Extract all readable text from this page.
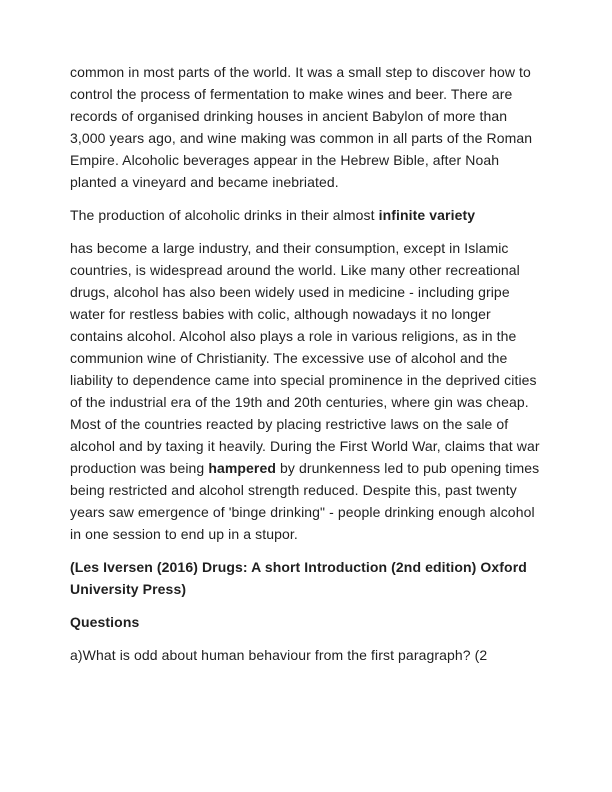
common in most parts of the world. It was a small step to discover how to control the process of fermentation to make wines and beer. There are records of organised drinking houses in ancient Babylon of more than 3,000 years ago, and wine making was common in all parts of the Roman Empire. Alcoholic beverages appear in the Hebrew Bible, after Noah planted a vineyard and became inebriated.

The production of alcoholic drinks in their almost infinite variety

has become a large industry, and their consumption, except in Islamic countries, is widespread around the world. Like many other recreational drugs, alcohol has also been widely used in medicine - including gripe water for restless babies with colic, although nowadays it no longer contains alcohol. Alcohol also plays a role in various religions, as in the communion wine of Christianity. The excessive use of alcohol and the liability to dependence came into special prominence in the deprived cities of the industrial era of the 19th and 20th centuries, where gin was cheap. Most of the countries reacted by placing restrictive laws on the sale of alcohol and by taxing it heavily. During the First World War, claims that war production was being hampered by drunkenness led to pub opening times being restricted and alcohol strength reduced. Despite this, past twenty years saw emergence of 'binge drinking" - people drinking enough alcohol in one session to end up in a stupor.

(Les Iversen (2016) Drugs: A short Introduction (2nd edition) Oxford University Press)

Questions

a)What is odd about human behaviour from the first paragraph? (2
